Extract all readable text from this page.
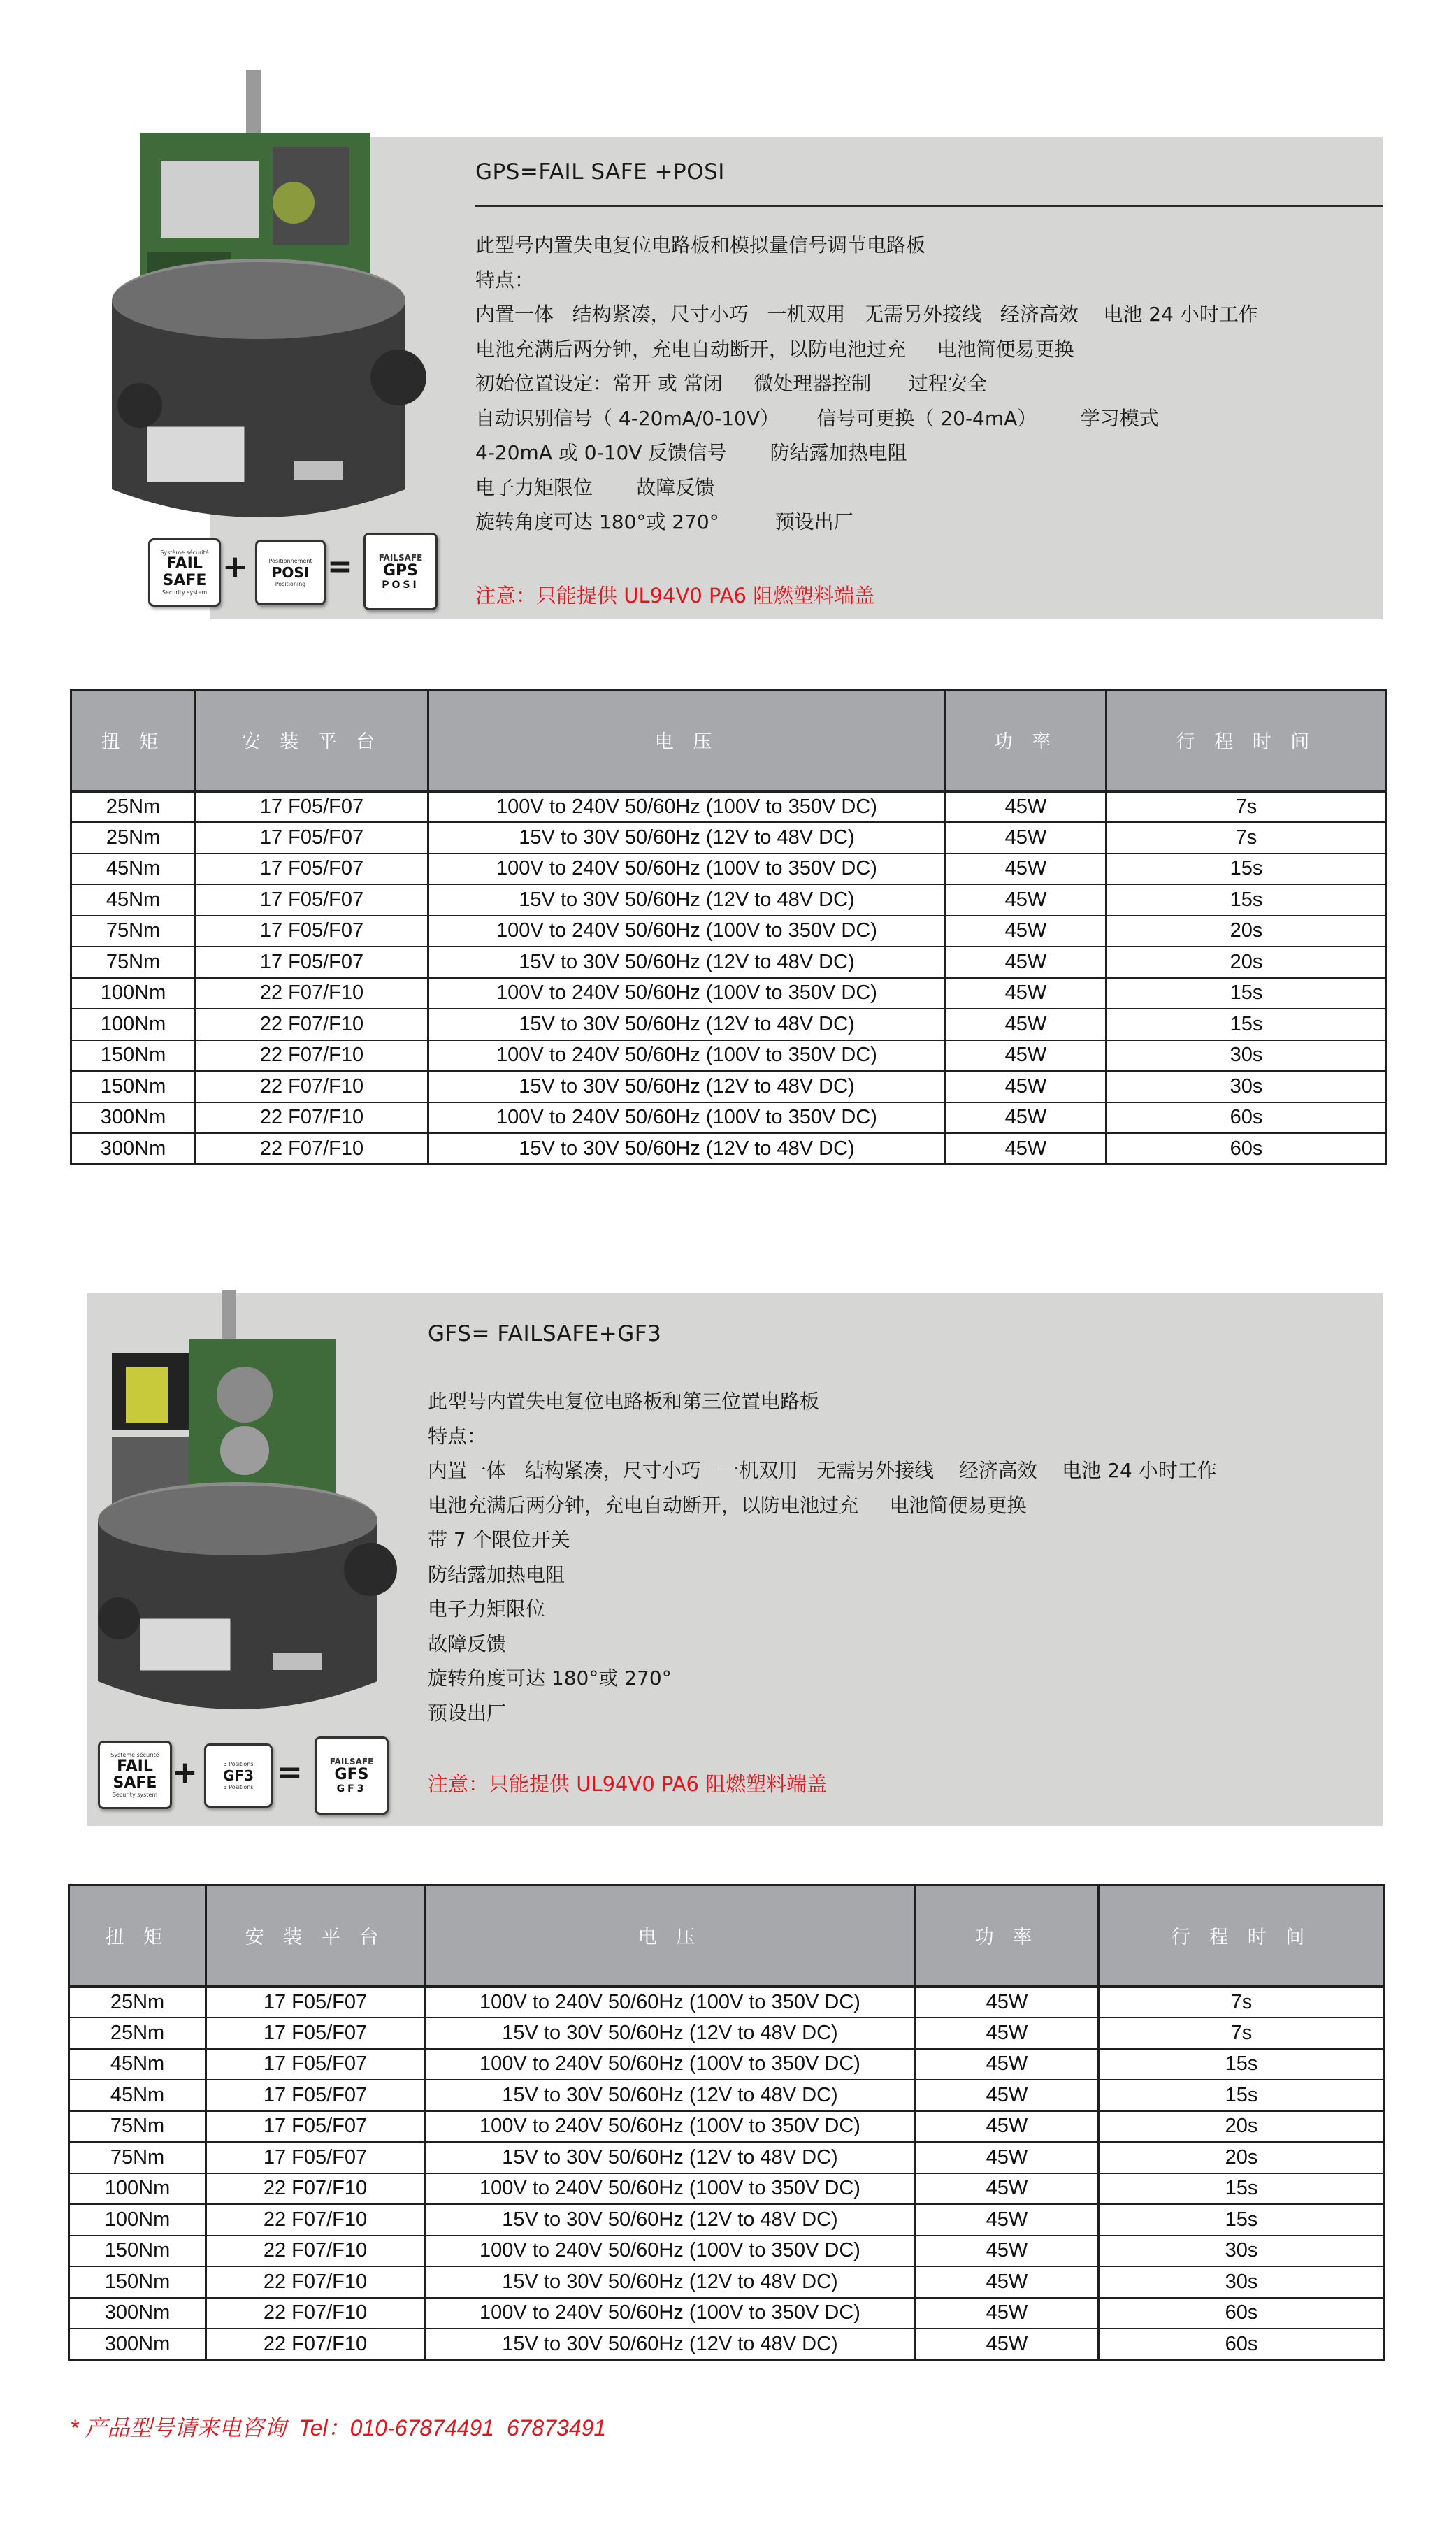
Système sécurité
FAIL
SAFE
Security system
+	Positionnement
POSI
Positioning =	FAILSAFE
GPS
POSI
GPS=FAIL SAFE +POSI
此型号内置失电复位电路板和模拟量信号调节电路板
特点：
内置一体   结构紧凑，尺寸小巧   一机双用   无需另外接线   经济高效    电池 24 小时工作
电池充满后两分钟，充电自动断开，以防电池过充     电池简便易更换
初始位置设定：常开 或 常闭     微处理器控制      过程安全
自动识别信号（ 4-20mA/0-10V）      信号可更换（ 20-4mA）       学习模式
4-20mA 或 0-10V 反馈信号       防结露加热电阻
电子力矩限位       故障反馈
旋转角度可达 180°或 270°         预设出厂
注意：只能提供 UL94V0 PA6 阻燃塑料端盖
扭 矩	安 装 平 台	电 压	功 率	行 程 时 间
25Nm	17 F05/F07	100V to 240V 50/60Hz (100V to 350V DC)	45W	7s
25Nm	17 F05/F07	15V to 30V 50/60Hz (12V to 48V DC)	45W	7s
45Nm	17 F05/F07	100V to 240V 50/60Hz (100V to 350V DC)	45W	15s
45Nm	17 F05/F07	15V to 30V 50/60Hz (12V to 48V DC)	45W	15s
75Nm	17 F05/F07	100V to 240V 50/60Hz (100V to 350V DC)	45W	20s
75Nm	17 F05/F07	15V to 30V 50/60Hz (12V to 48V DC)	45W	20s
100Nm	22 F07/F10	100V to 240V 50/60Hz (100V to 350V DC)	45W	15s
100Nm	22 F07/F10	15V to 30V 50/60Hz (12V to 48V DC)	45W	15s
150Nm	22 F07/F10	100V to 240V 50/60Hz (100V to 350V DC)	45W	30s
150Nm	22 F07/F10	15V to 30V 50/60Hz (12V to 48V DC)	45W	30s
300Nm	22 F07/F10	100V to 240V 50/60Hz (100V to 350V DC)	45W	60s
300Nm	22 F07/F10	15V to 30V 50/60Hz (12V to 48V DC)	45W	60s
Système sécurité
FAIL
SAFE
Security system
+	3 Positions
GF3
3 Positions =	FAILSAFE
GFS
GF3
GFS= FAILSAFE+GF3
此型号内置失电复位电路板和第三位置电路板
特点：
内置一体   结构紧凑，尺寸小巧   一机双用   无需另外接线    经济高效    电池 24 小时工作
电池充满后两分钟，充电自动断开，以防电池过充     电池简便易更换
带 7 个限位开关
防结露加热电阻
电子力矩限位
故障反馈
旋转角度可达 180°或 270°
预设出厂
注意：只能提供 UL94V0 PA6 阻燃塑料端盖
扭 矩	安 装 平 台	电 压	功 率	行 程 时 间
25Nm	17 F05/F07	100V to 240V 50/60Hz (100V to 350V DC)	45W	7s
25Nm	17 F05/F07	15V to 30V 50/60Hz (12V to 48V DC)	45W	7s
45Nm	17 F05/F07	100V to 240V 50/60Hz (100V to 350V DC)	45W	15s
45Nm	17 F05/F07	15V to 30V 50/60Hz (12V to 48V DC)	45W	15s
75Nm	17 F05/F07	100V to 240V 50/60Hz (100V to 350V DC)	45W	20s
75Nm	17 F05/F07	15V to 30V 50/60Hz (12V to 48V DC)	45W	20s
100Nm	22 F07/F10	100V to 240V 50/60Hz (100V to 350V DC)	45W	15s
100Nm	22 F07/F10	15V to 30V 50/60Hz (12V to 48V DC)	45W	15s
150Nm	22 F07/F10	100V to 240V 50/60Hz (100V to 350V DC)	45W	30s
150Nm	22 F07/F10	15V to 30V 50/60Hz (12V to 48V DC)	45W	30s
300Nm	22 F07/F10	100V to 240V 50/60Hz (100V to 350V DC)	45W	60s
300Nm	22 F07/F10	15V to 30V 50/60Hz (12V to 48V DC)	45W	60s
* 产品型号请来电咨询  Tel：010-67874491  67873491
